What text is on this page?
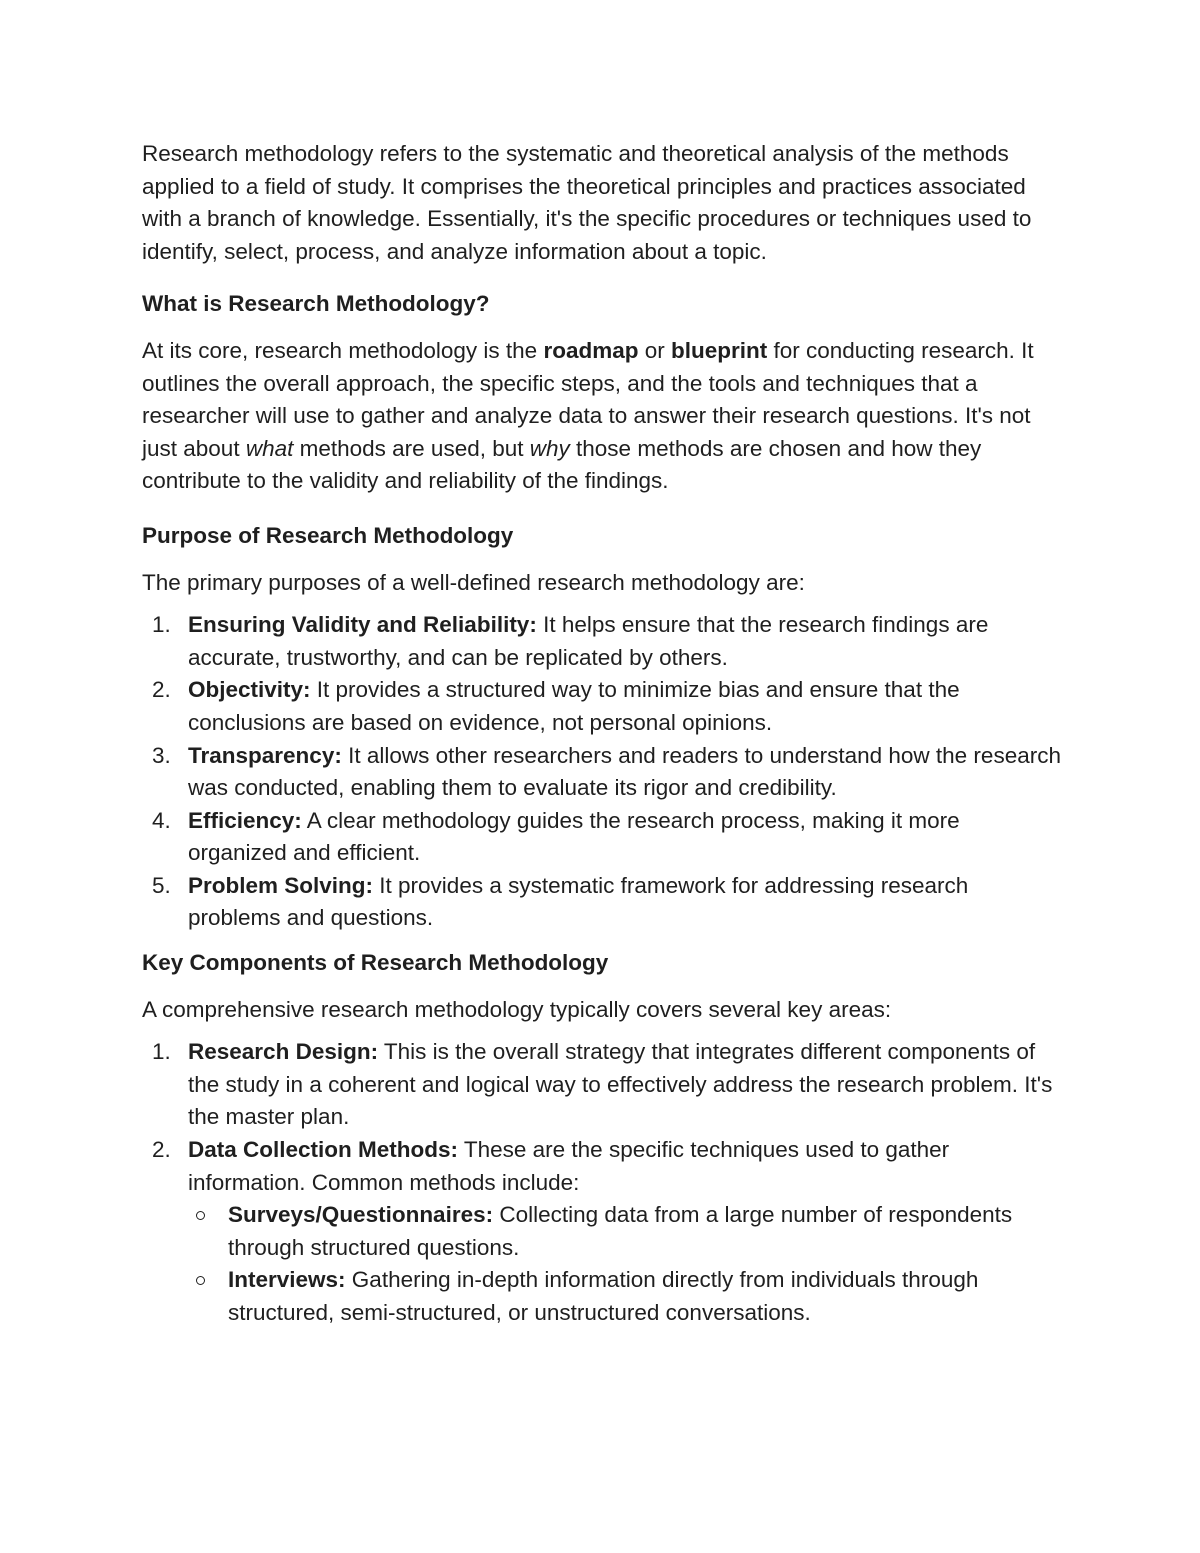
Research methodology refers to the systematic and theoretical analysis of the methods applied to a field of study. It comprises the theoretical principles and practices associated with a branch of knowledge. Essentially, it's the specific procedures or techniques used to identify, select, process, and analyze information about a topic.

What is Research Methodology?

At its core, research methodology is the roadmap or blueprint for conducting research. It outlines the overall approach, the specific steps, and the tools and techniques that a researcher will use to gather and analyze data to answer their research questions. It's not just about what methods are used, but why those methods are chosen and how they contribute to the validity and reliability of the findings.

Purpose of Research Methodology

The primary purposes of a well-defined research methodology are:

1. Ensuring Validity and Reliability: It helps ensure that the research findings are accurate, trustworthy, and can be replicated by others.
2. Objectivity: It provides a structured way to minimize bias and ensure that the conclusions are based on evidence, not personal opinions.
3. Transparency: It allows other researchers and readers to understand how the research was conducted, enabling them to evaluate its rigor and credibility.
4. Efficiency: A clear methodology guides the research process, making it more organized and efficient.
5. Problem Solving: It provides a systematic framework for addressing research problems and questions.
Key Components of Research Methodology

A comprehensive research methodology typically covers several key areas:

1. Research Design: This is the overall strategy that integrates different components of the study in a coherent and logical way to effectively address the research problem. It's the master plan.
2. Data Collection Methods: These are the specific techniques used to gather information. Common methods include:
Surveys/Questionnaires: Collecting data from a large number of respondents through structured questions.
Interviews: Gathering in-depth information directly from individuals through structured, semi-structured, or unstructured conversations.
